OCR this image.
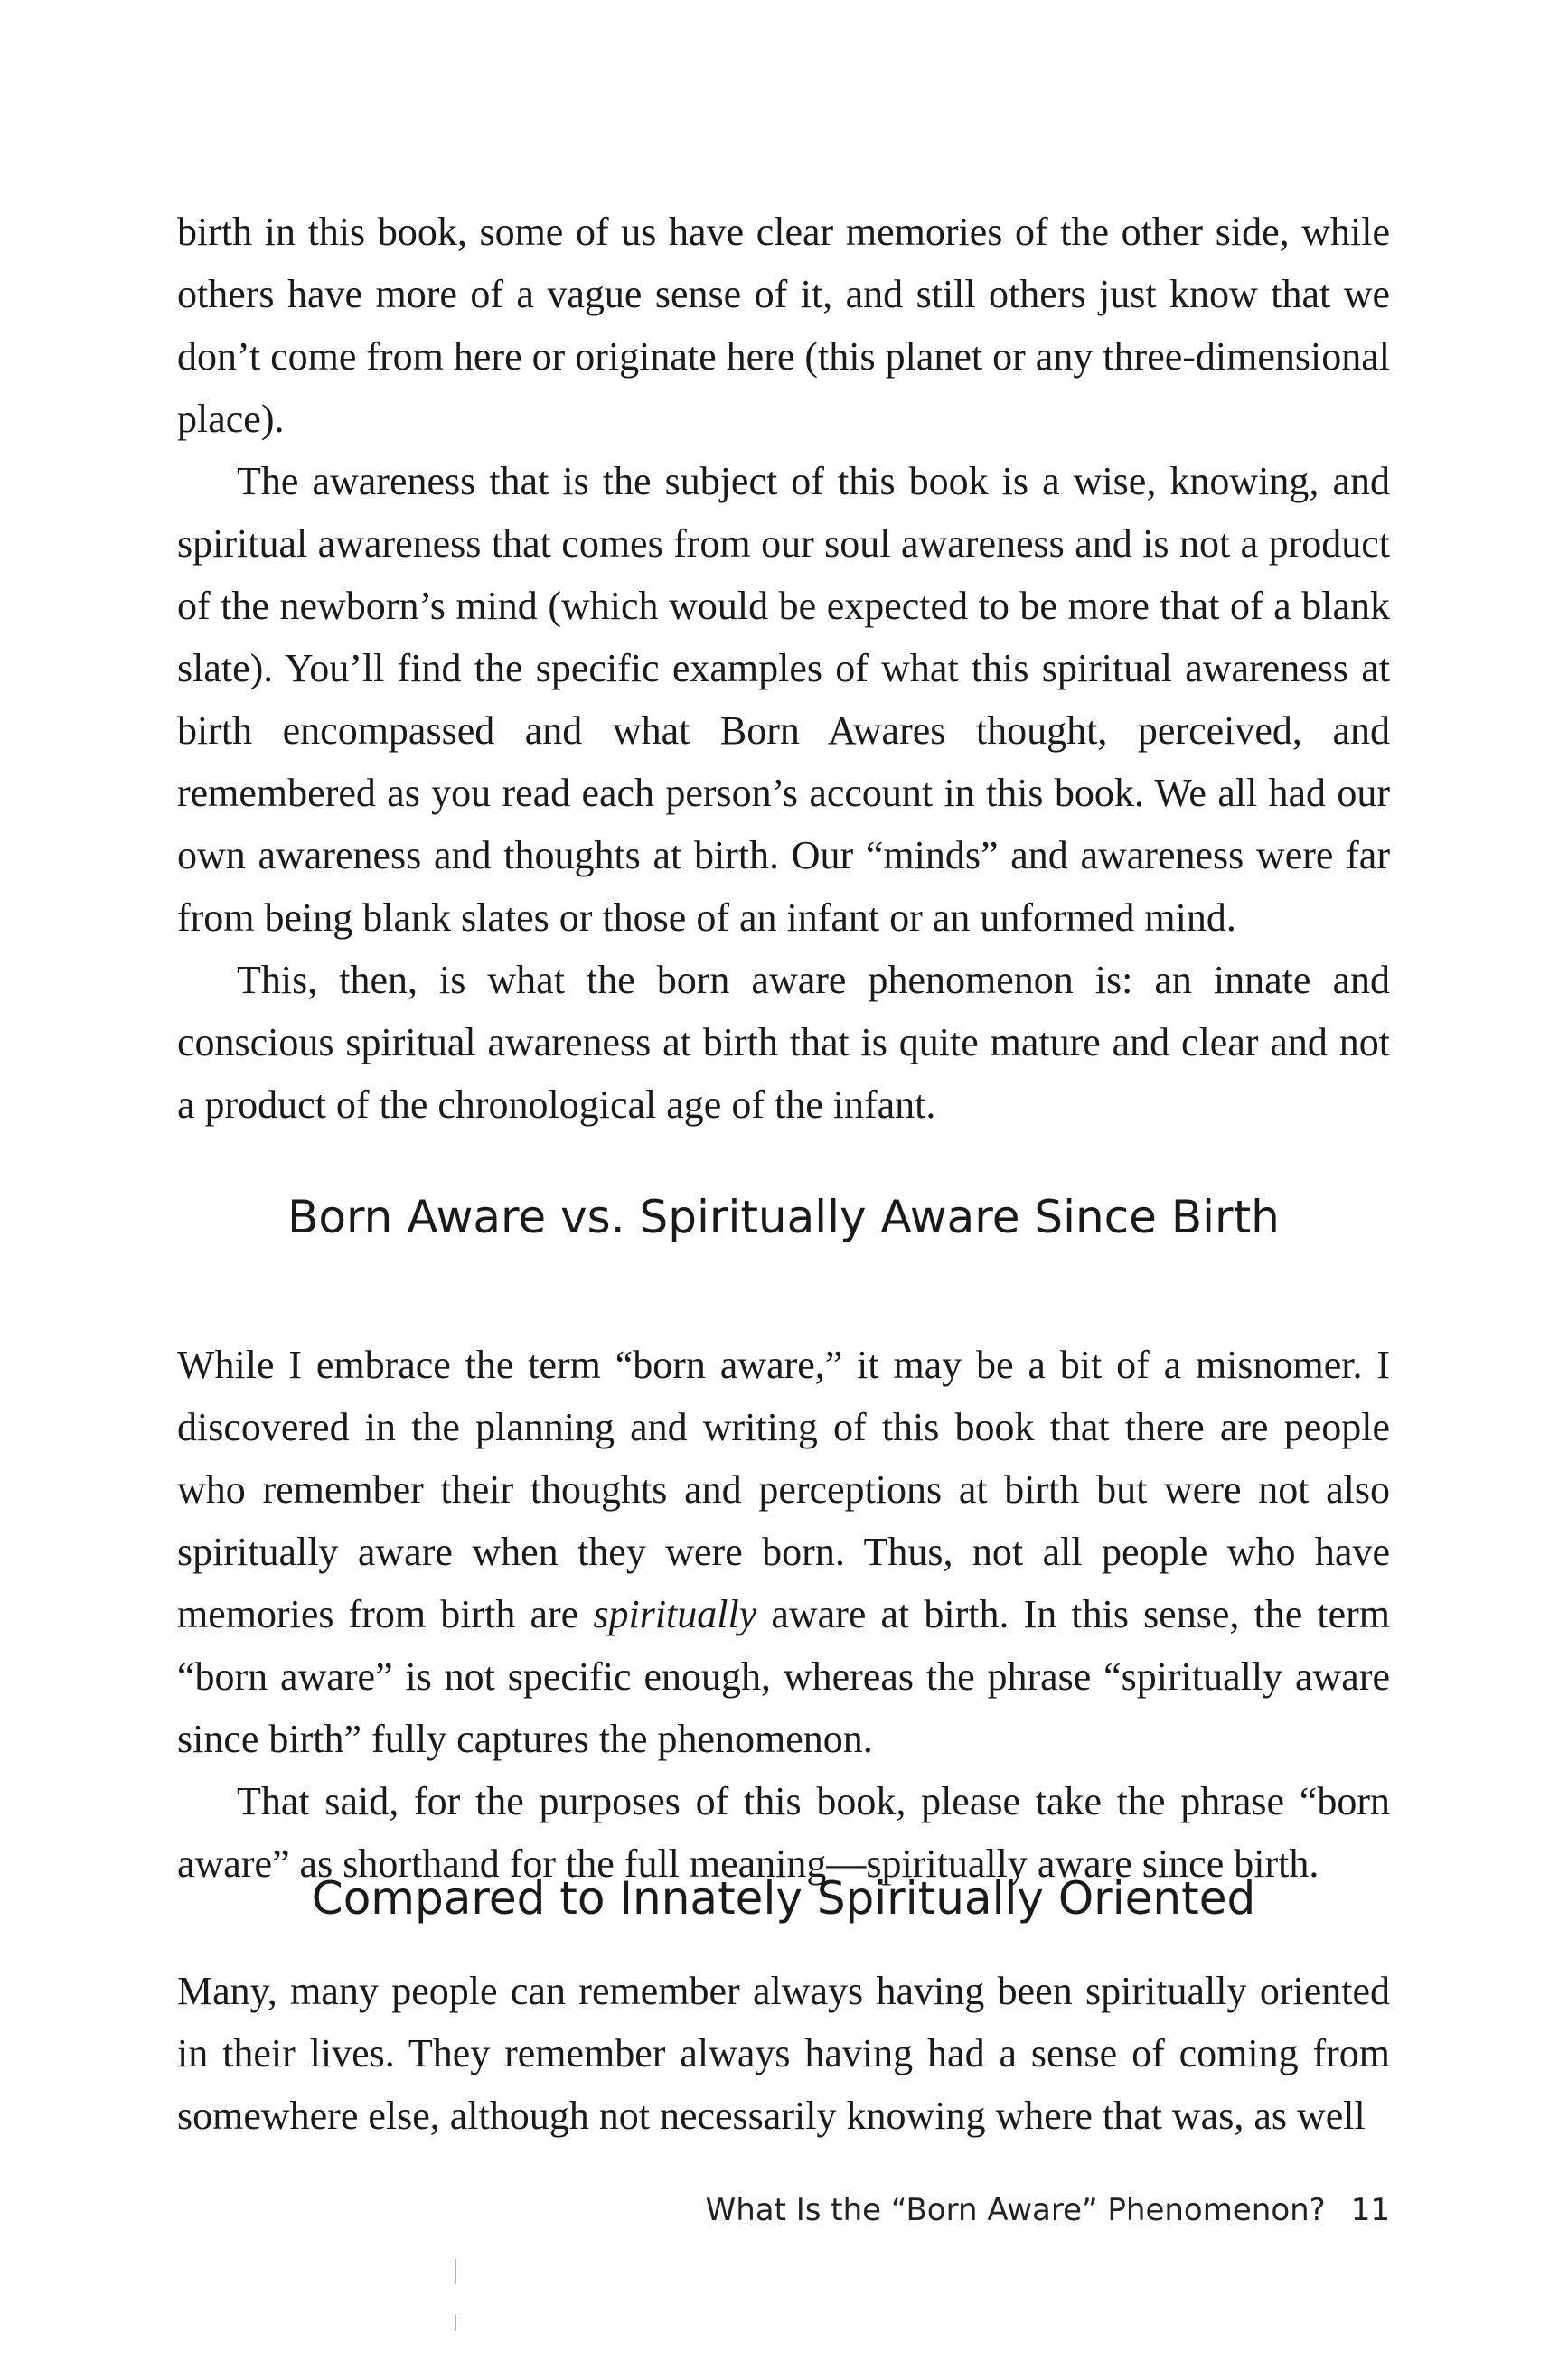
birth in this book, some of us have clear memories of the other side, while others have more of a vague sense of it, and still others just know that we don’t come from here or originate here (this planet or any three-dimensional place).

The awareness that is the subject of this book is a wise, knowing, and spiritual awareness that comes from our soul awareness and is not a product of the newborn’s mind (which would be expected to be more that of a blank slate). You’ll find the specific examples of what this spiritual awareness at birth encompassed and what Born Awares thought, perceived, and remembered as you read each person’s account in this book. We all had our own awareness and thoughts at birth. Our “minds” and awareness were far from being blank slates or those of an infant or an unformed mind.

This, then, is what the born aware phenomenon is: an innate and conscious spiritual awareness at birth that is quite mature and clear and not a product of the chronological age of the infant.

Born Aware vs. Spiritually Aware Since Birth

While I embrace the term “born aware,” it may be a bit of a misnomer. I discovered in the planning and writing of this book that there are people who remember their thoughts and perceptions at birth but were not also spiritually aware when they were born. Thus, not all people who have memories from birth are spiritually aware at birth. In this sense, the term “born aware” is not specific enough, whereas the phrase “spiritually aware since birth” fully captures the phenomenon.

That said, for the purposes of this book, please take the phrase “born aware” as shorthand for the full meaning—spiritually aware since birth.

Compared to Innately Spiritually Oriented

Many, many people can remember always having been spiritually oriented in their lives. They remember always having had a sense of coming from somewhere else, although not necessarily knowing where that was, as well

What Is the “Born Aware” Phenomenon? 11
